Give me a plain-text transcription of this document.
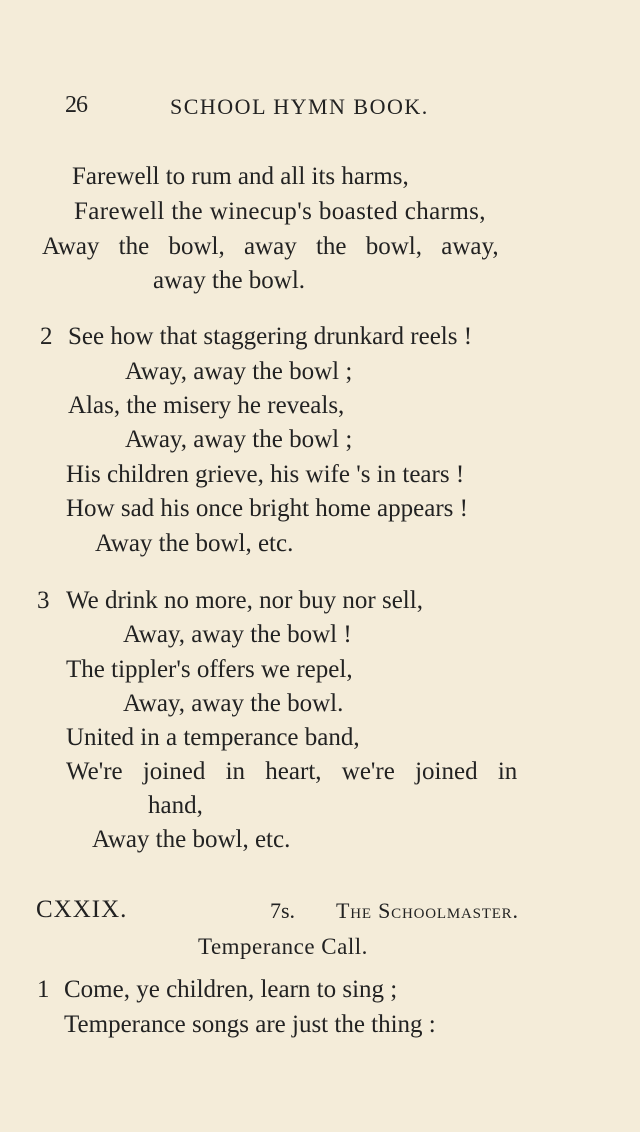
26	SCHOOL HYMN BOOK.
Farewell to rum and all its harms,
Farewell the winecup's boasted charms,
Away the bowl, away the bowl, away,
away the bowl.
2 See how that staggering drunkard reels !
Away, away the bowl ;
Alas, the misery he reveals,
Away, away the bowl ;
His children grieve, his wife 's in tears !
How sad his once bright home appears !
Away the bowl, etc.
3 We drink no more, nor buy nor sell,
Away, away the bowl !
The tippler's offers we repel,
Away, away the bowl.
United in a temperance band,
We're joined in heart, we're joined in
hand,
Away the bowl, etc.
CXXIX.	7s. The Schoolmaster.
Temperance Call.
1 Come, ye children, learn to sing ;
Temperance songs are just the thing :
